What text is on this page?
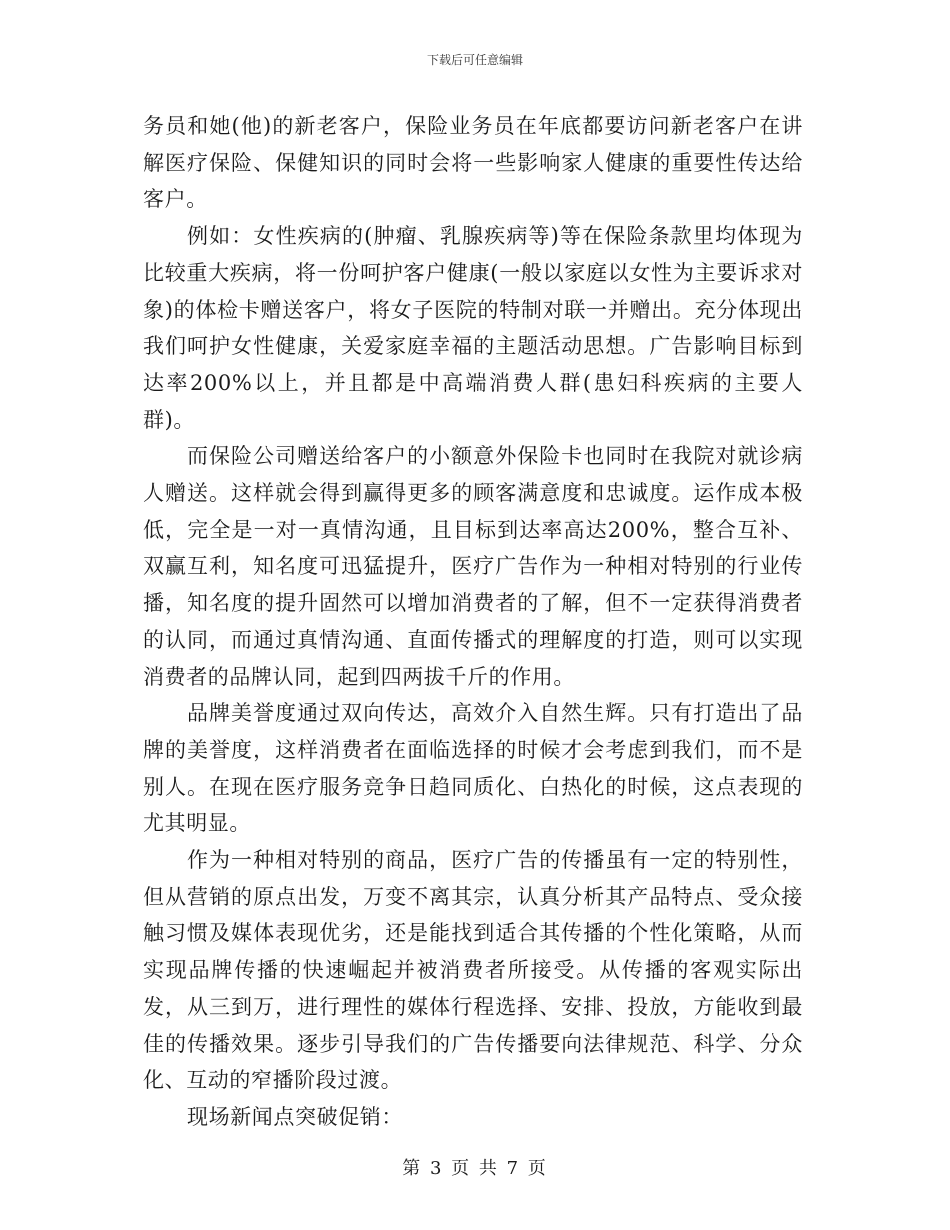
下载后可任意编辑

务员和她(他)的新老客户，保险业务员在年底都要访问新老客户在讲解医疗保险、保健知识的同时会将一些影响家人健康的重要性传达给客户。

例如：女性疾病的(肿瘤、乳腺疾病等)等在保险条款里均体现为比较重大疾病，将一份呵护客户健康(一般以家庭以女性为主要诉求对象)的体检卡赠送客户，将女子医院的特制对联一并赠出。充分体现出我们呵护女性健康，关爱家庭幸福的主题活动思想。广告影响目标到达率200%以上，并且都是中高端消费人群(患妇科疾病的主要人群)。

而保险公司赠送给客户的小额意外保险卡也同时在我院对就诊病人赠送。这样就会得到赢得更多的顾客满意度和忠诚度。运作成本极低，完全是一对一真情沟通，且目标到达率高达200%，整合互补、双赢互利，知名度可迅猛提升，医疗广告作为一种相对特别的行业传播，知名度的提升固然可以增加消费者的了解，但不一定获得消费者的认同，而通过真情沟通、直面传播式的理解度的打造，则可以实现消费者的品牌认同，起到四两拔千斤的作用。

品牌美誉度通过双向传达，高效介入自然生辉。只有打造出了品牌的美誉度，这样消费者在面临选择的时候才会考虑到我们，而不是别人。在现在医疗服务竞争日趋同质化、白热化的时候，这点表现的尤其明显。

作为一种相对特别的商品，医疗广告的传播虽有一定的特别性，但从营销的原点出发，万变不离其宗，认真分析其产品特点、受众接触习惯及媒体表现优劣，还是能找到适合其传播的个性化策略，从而实现品牌传播的快速崛起并被消费者所接受。从传播的客观实际出发，从三到万，进行理性的媒体行程选择、安排、投放，方能收到最佳的传播效果。逐步引导我们的广告传播要向法律规范、科学、分众化、互动的窄播阶段过渡。

现场新闻点突破促销：

第 3 页 共 7 页
